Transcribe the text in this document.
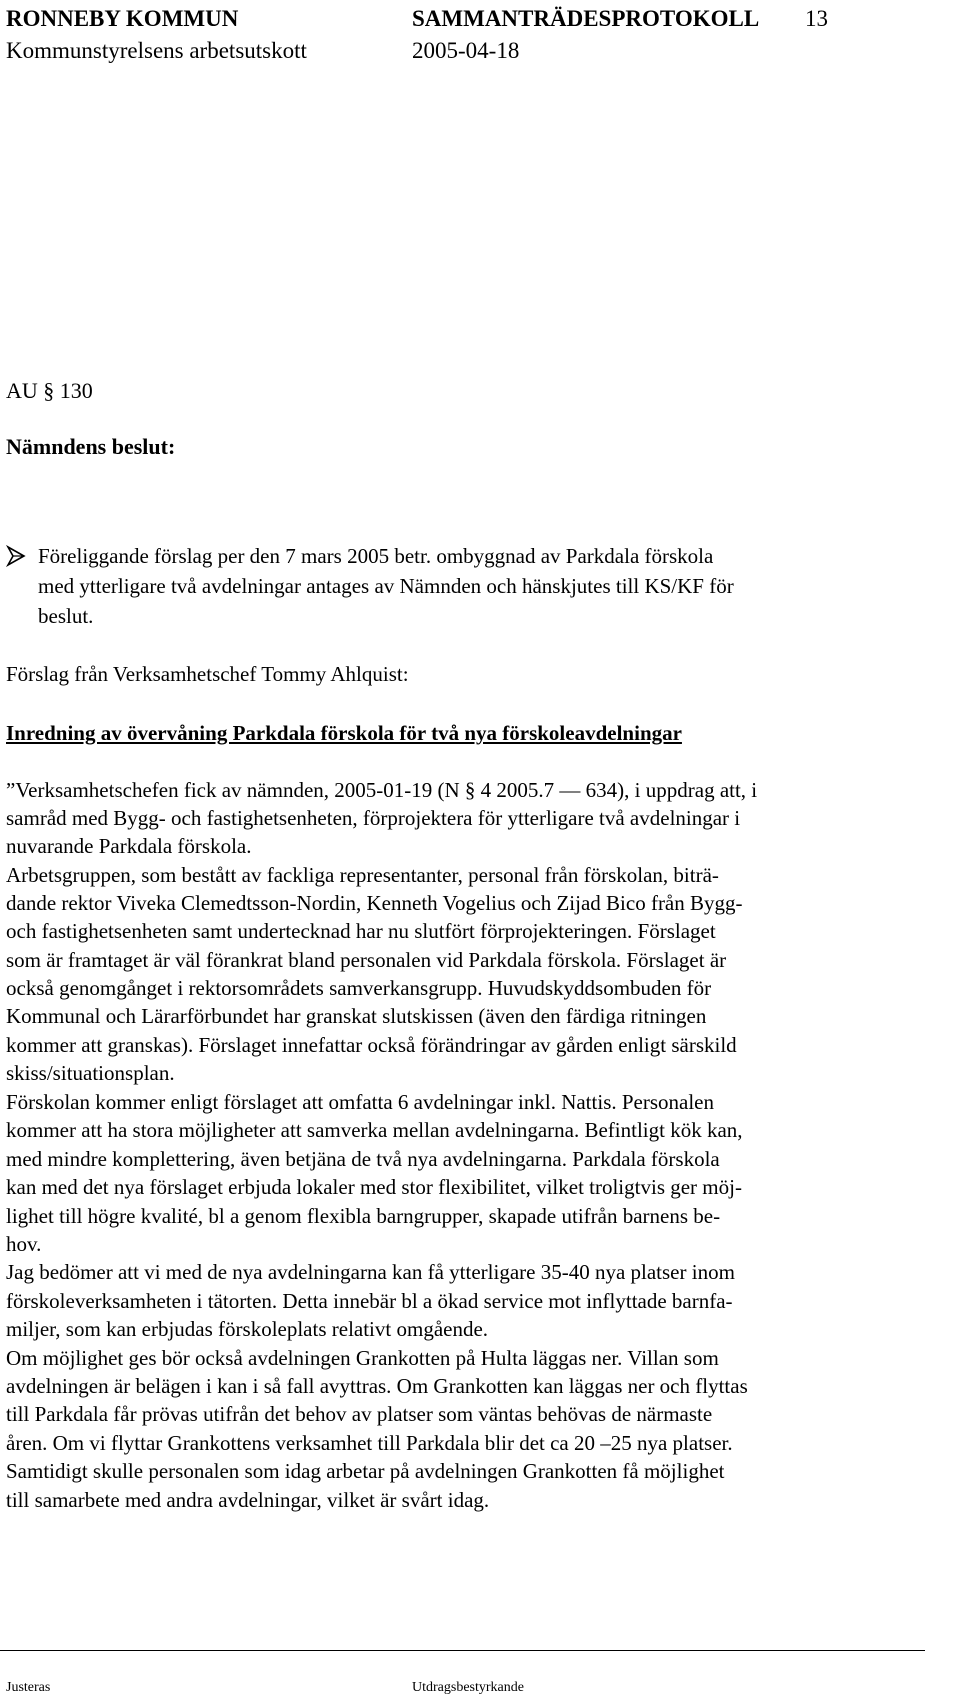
RONNEBY KOMMUN	SAMMANTRÄDESPROTOKOLL 13
Kommunstyrelsens arbetsutskott	2005-04-18
AU § 130
Nämndens beslut:
Föreliggande förslag per den 7 mars 2005 betr. ombyggnad av Parkdala förskola
med ytterligare två avdelningar antages av Nämnden och hänskjutes till KS/KF för
beslut.
Förslag från Verksamhetschef Tommy Ahlquist:
Inredning av övervåning Parkdala förskola för två nya förskoleavdelningar
”Verksamhetschefen fick av nämnden, 2005-01-19 (N § 4 2005.7 — 634), i uppdrag att, i
samråd med Bygg- och fastighetsenheten, förprojektera för ytterligare två avdelningar i
nuvarande Parkdala förskola.
Arbetsgruppen, som bestått av fackliga representanter, personal från förskolan, biträ-
dande rektor Viveka Clemedtsson-Nordin, Kenneth Vogelius och Zijad Bico från Bygg-
och fastighetsenheten samt undertecknad har nu slutfört förprojekteringen. Förslaget
som är framtaget är väl förankrat bland personalen vid Parkdala förskola. Förslaget är
också genomgånget i rektorsområdets samverkansgrupp. Huvudskyddsombuden för
Kommunal och Lärarförbundet har granskat slutskissen (även den färdiga ritningen
kommer att granskas). Förslaget innefattar också förändringar av gården enligt särskild
skiss/situationsplan.
Förskolan kommer enligt förslaget att omfatta 6 avdelningar inkl. Nattis. Personalen
kommer att ha stora möjligheter att samverka mellan avdelningarna. Befintligt kök kan,
med mindre komplettering, även betjäna de två nya avdelningarna. Parkdala förskola
kan med det nya förslaget erbjuda lokaler med stor flexibilitet, vilket troligtvis ger möj-
lighet till högre kvalité, bl a genom flexibla barngrupper, skapade utifrån barnens be-
hov.
Jag bedömer att vi med de nya avdelningarna kan få ytterligare 35-40 nya platser inom
förskoleverksamheten i tätorten. Detta innebär bl a ökad service mot inflyttade barnfa-
miljer, som kan erbjudas förskoleplats relativt omgående.
Om möjlighet ges bör också avdelningen Grankotten på Hulta läggas ner. Villan som
avdelningen är belägen i kan i så fall avyttras. Om Grankotten kan läggas ner och flyttas
till Parkdala får prövas utifrån det behov av platser som väntas behövas de närmaste
åren. Om vi flyttar Grankottens verksamhet till Parkdala blir det ca 20 –25 nya platser.
Samtidigt skulle personalen som idag arbetar på avdelningen Grankotten få möjlighet
till samarbete med andra avdelningar, vilket är svårt idag.
Justeras	Utdragsbestyrkande
